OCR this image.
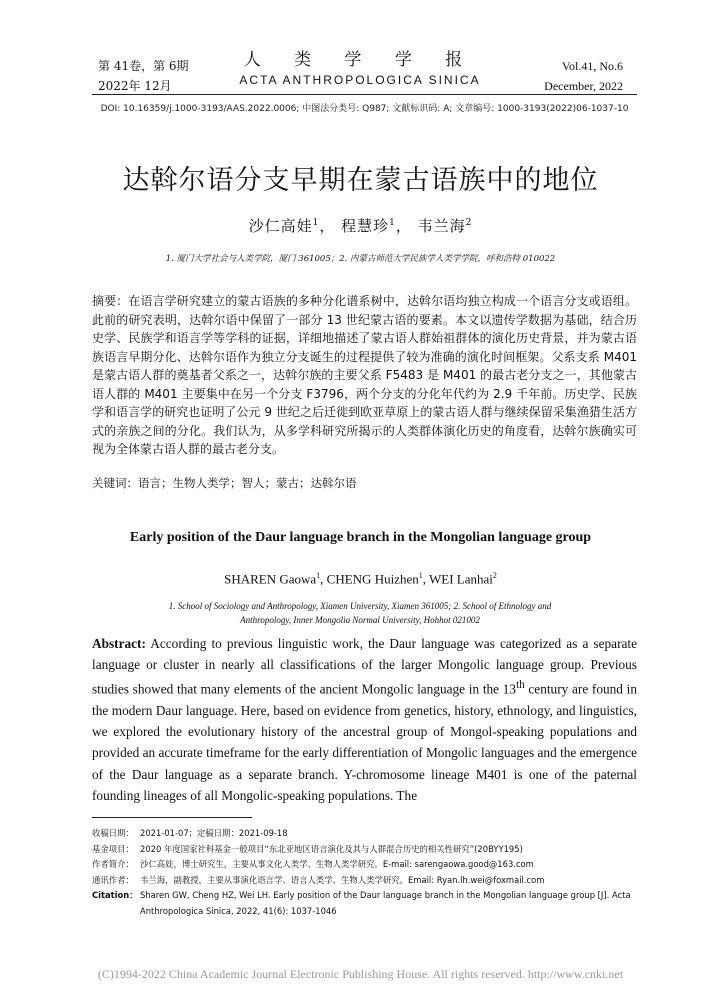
第 41卷，第 6期
2022年 12月
人 类 学 学 报
ACTA ANTHROPOLOGICA SINICA
Vol.41, No.6
December, 2022
DOI: 10.16359/j.1000-3193/AAS.2022.0006; 中图法分类号: Q987; 文献标识码: A; 文章编号: 1000-3193(2022)06-1037-10
达斡尔语分支早期在蒙古语族中的地位
沙仁高娃$^1$， 程慧珍$^1$， 韦兰海$^2$
1. 厦门大学社会与人类学院，厦门 361005；2. 内蒙古师范大学民族学人类学学院，呼和浩特 010022
摘要：在语言学研究建立的蒙古语族的多种分化谱系树中，达斡尔语均独立构成一个语言分支或语组。此前的研究表明，达斡尔语中保留了一部分 13 世纪蒙古语的要素。本文以遗传学数据为基础，结合历史学、民族学和语言学等学科的证据，详细地描述了蒙古语人群始祖群体的演化历史背景，并为蒙古语族语言早期分化、达斡尔语作为独立分支诞生的过程提供了较为准确的演化时间框架。父系支系 M401 是蒙古语人群的奠基者父系之一，达斡尔族的主要父系 F5483 是 M401 的最古老分支之一，其他蒙古语人群的 M401 主要集中在另一个分支 F3796，两个分支的分化年代约为 2.9 千年前。历史学、民族学和语言学的研究也证明了公元 9 世纪之后迁徙到欧亚草原上的蒙古语人群与继续保留采集渔猎生活方式的亲族之间的分化。我们认为，从多学科研究所揭示的人类群体演化历史的角度看，达斡尔族确实可视为全体蒙古语人群的最古老分支。
关键词：语言；生物人类学；智人；蒙古；达斡尔语
Early position of the Daur language branch in the Mongolian language group
SHAREN Gaowa$^1$, CHENG Huizhen$^1$, WEI Lanhai$^2$
1. School of Sociology and Anthropology, Xiamen University, Xiamen 361005; 2. School of Ethnology and
Anthropology, Inner Mongolia Normal University, Hohhot 021002
Abstract: According to previous linguistic work, the Daur language was categorized as a separate language or cluster in nearly all classifications of the larger Mongolic language group. Previous studies showed that many elements of the ancient Mongolic language in the 13th century are found in the modern Daur language. Here, based on evidence from genetics, history, ethnology, and linguistics, we explored the evolutionary history of the ancestral group of Mongol-speaking populations and provided an accurate timeframe for the early differentiation of Mongolic languages and the emergence of the Daur language as a separate branch. Y-chromosome lineage M401 is one of the paternal founding lineages of all Mongolic-speaking populations. The
收稿日期： 2021-01-07；定稿日期：2021-09-18
基金项目： 2020 年度国家社科基金一般项目“东北亚地区语言演化及其与人群混合历史的相关性研究”(20BYY195)
作者简介： 沙仁高娃，博士研究生，主要从事文化人类学、生物人类学研究。E-mail: sarengaowa.good@163.com
通讯作者： 韦兰海，副教授，主要从事演化语言学、语言人类学、生物人类学研究。Email: Ryan.lh.wei@foxmail.com
Citation： Sharen GW, Cheng HZ, Wei LH. Early position of the Daur language branch in the Mongolian language group [J]. Acta Anthropologica Sinica, 2022, 41(6): 1037-1046
(C)1994-2022 China Academic Journal Electronic Publishing House. All rights reserved. http://www.cnki.net
